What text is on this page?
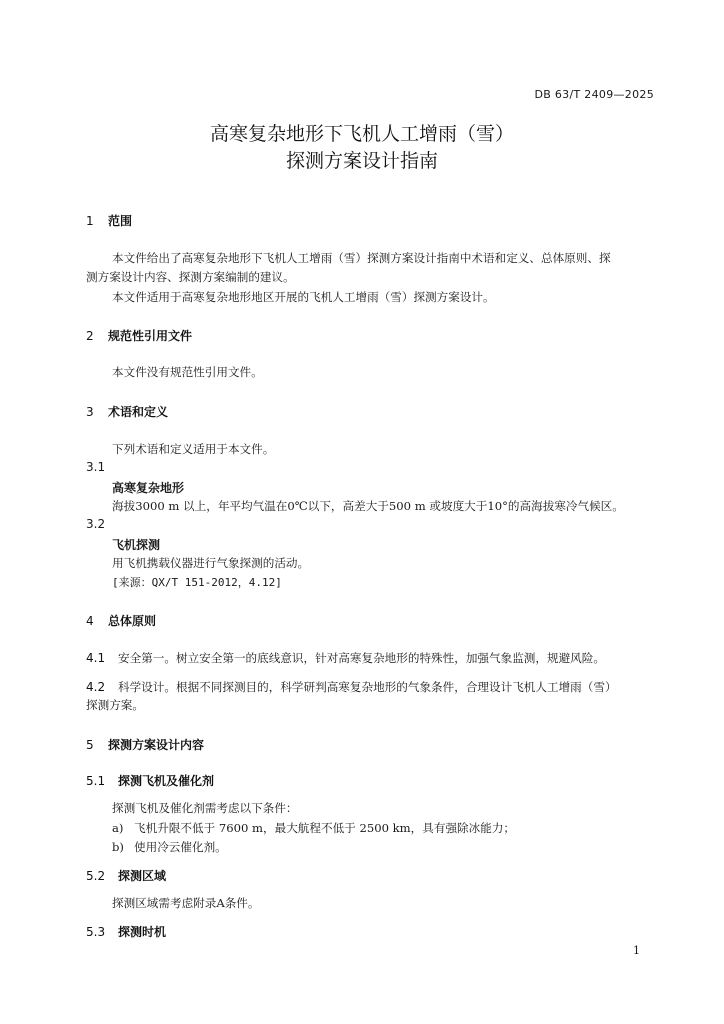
DB 63/T 2409—2025
高寒复杂地形下飞机人工增雨（雪）
探测方案设计指南
1 范围
本文件给出了高寒复杂地形下飞机人工增雨（雪）探测方案设计指南中术语和定义、总体原则、探
测方案设计内容、探测方案编制的建议。
本文件适用于高寒复杂地形地区开展的飞机人工增雨（雪）探测方案设计。
2 规范性引用文件
本文件没有规范性引用文件。
3 术语和定义
下列术语和定义适用于本文件。
3.1
高寒复杂地形
海拔3000 m 以上，年平均气温在0℃以下，高差大于500 m 或坡度大于10°的高海拔寒冷气候区。
3.2
飞机探测
用飞机携载仪器进行气象探测的活动。
[来源：QX/T 151-2012，4.12]
4 总体原则
4.1 安全第一。树立安全第一的底线意识，针对高寒复杂地形的特殊性，加强气象监测，规避风险。
4.2 科学设计。根据不同探测目的，科学研判高寒复杂地形的气象条件，合理设计飞机人工增雨（雪）
探测方案。
5 探测方案设计内容
5.1 探测飞机及催化剂
探测飞机及催化剂需考虑以下条件：
a) 飞机升限不低于 7600 m，最大航程不低于 2500 km，具有强除冰能力；
b) 使用冷云催化剂。
5.2 探测区域
探测区域需考虑附录A条件。
5.3 探测时机
1
